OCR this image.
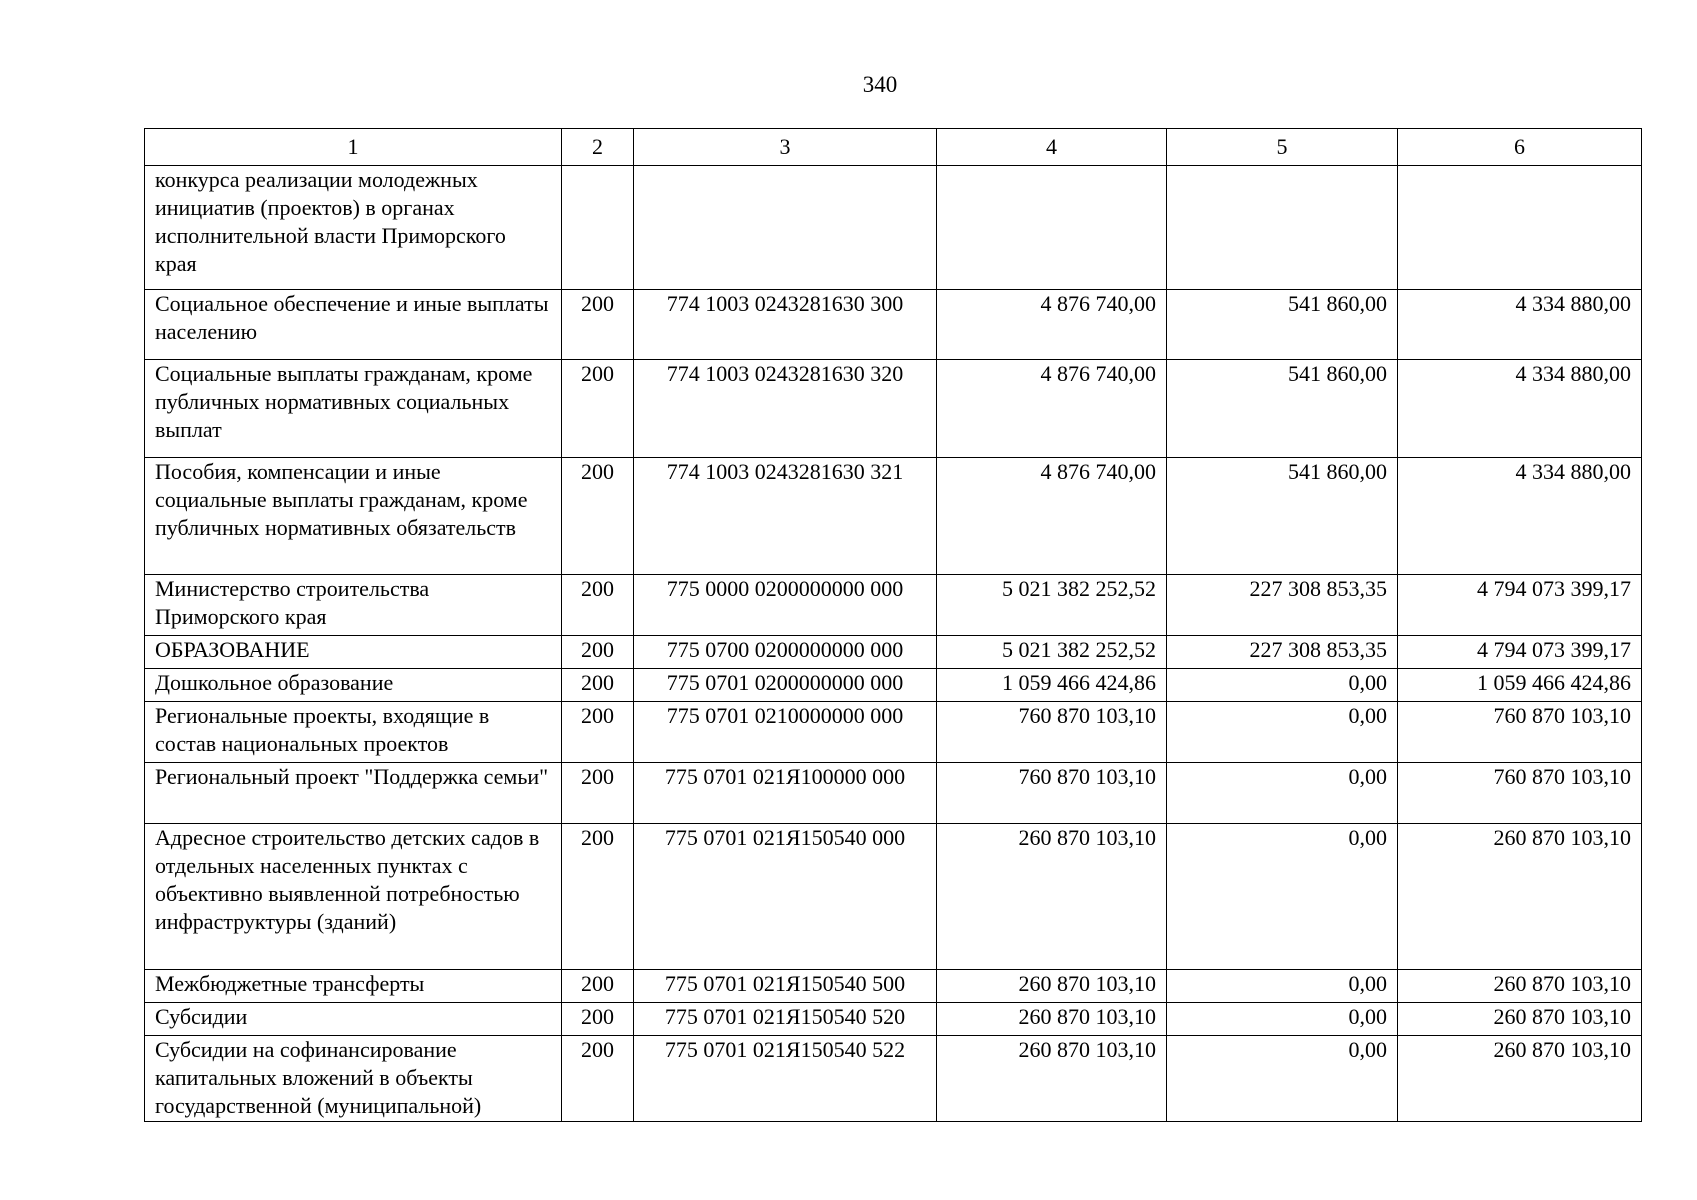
340
1	2	3	4	5	6
конкурса реализации молодежных инициатив (проектов) в органах исполнительной власти Приморского края					
Социальное обеспечение и иные выплаты населению	200	774 1003 0243281630 300	4 876 740,00	541 860,00	4 334 880,00
Социальные выплаты гражданам, кроме публичных нормативных социальных выплат	200	774 1003 0243281630 320	4 876 740,00	541 860,00	4 334 880,00
Пособия, компенсации и иные социальные выплаты гражданам, кроме публичных нормативных обязательств	200	774 1003 0243281630 321	4 876 740,00	541 860,00	4 334 880,00
Министерство строительства Приморского края	200	775 0000 0200000000 000	5 021 382 252,52	227 308 853,35	4 794 073 399,17
ОБРАЗОВАНИЕ	200	775 0700 0200000000 000	5 021 382 252,52	227 308 853,35	4 794 073 399,17
Дошкольное образование	200	775 0701 0200000000 000	1 059 466 424,86	0,00	1 059 466 424,86
Региональные проекты, входящие в состав национальных проектов	200	775 0701 0210000000 000	760 870 103,10	0,00	760 870 103,10
Региональный проект "Поддержка семьи"	200	775 0701 021Я100000 000	760 870 103,10	0,00	760 870 103,10
Адресное строительство детских садов в отдельных населенных пунктах с объективно выявленной потребностью инфраструктуры (зданий)	200	775 0701 021Я150540 000	260 870 103,10	0,00	260 870 103,10
Межбюджетные трансферты	200	775 0701 021Я150540 500	260 870 103,10	0,00	260 870 103,10
Субсидии	200	775 0701 021Я150540 520	260 870 103,10	0,00	260 870 103,10
Субсидии на софинансирование капитальных вложений в объекты государственной (муниципальной)	200	775 0701 021Я150540 522	260 870 103,10	0,00	260 870 103,10
